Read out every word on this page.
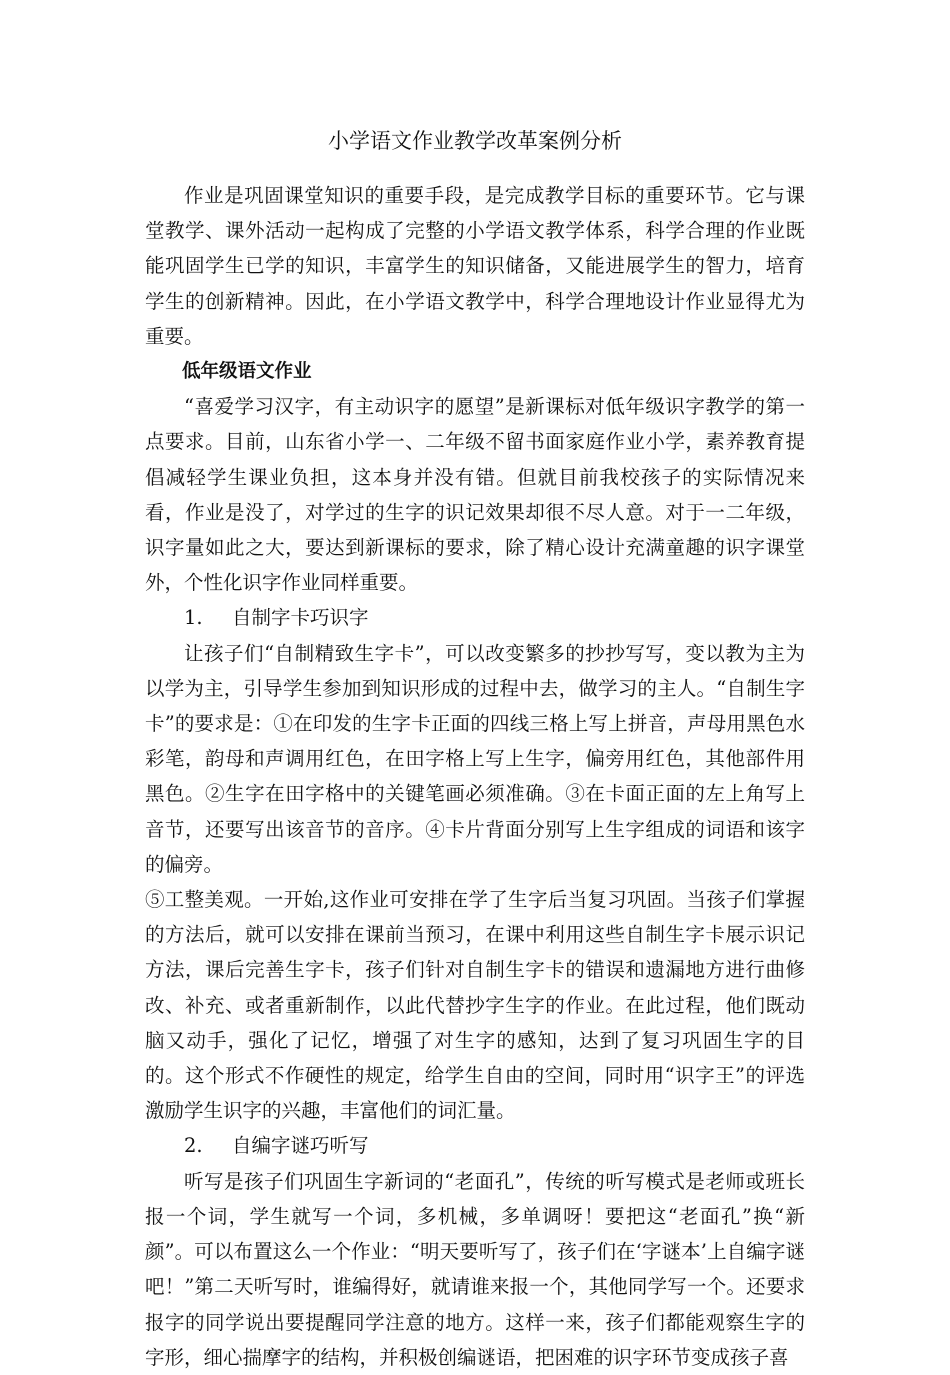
小学语文作业教学改革案例分析

作业是巩固课堂知识的重要手段，是完成教学目标的重要环节。它与课堂教学、课外活动一起构成了完整的小学语文教学体系，科学合理的作业既能巩固学生已学的知识，丰富学生的知识储备，又能进展学生的智力，培育学生的创新精神。因此，在小学语文教学中，科学合理地设计作业显得尤为重要。

低年级语文作业

“喜爱学习汉字，有主动识字的愿望”是新课标对低年级识字教学的第一点要求。目前，山东省小学一、二年级不留书面家庭作业小学，素养教育提倡减轻学生课业负担，这本身并没有错。但就目前我校孩子的实际情况来看，作业是没了，对学过的生字的识记效果却很不尽人意。对于一二年级，识字量如此之大，要达到新课标的要求，除了精心设计充满童趣的识字课堂外，个性化识字作业同样重要。

1. 自制字卡巧识字

让孩子们“自制精致生字卡”，可以改变繁多的抄抄写写，变以教为主为以学为主，引导学生参加到知识形成的过程中去，做学习的主人。“自制生字卡”的要求是：①在印发的生字卡正面的四线三格上写上拼音，声母用黑色水彩笔，韵母和声调用红色，在田字格上写上生字，偏旁用红色，其他部件用黑色。②生字在田字格中的关键笔画必须准确。③在卡面正面的左上角写上音节，还要写出该音节的音序。④卡片背面分别写上生字组成的词语和该字的偏旁。

⑤工整美观。一开始,这作业可安排在学了生字后当复习巩固。当孩子们掌握的方法后，就可以安排在课前当预习，在课中利用这些自制生字卡展示识记方法，课后完善生字卡，孩子们针对自制生字卡的错误和遗漏地方进行曲修改、补充、或者重新制作，以此代替抄字生字的作业。在此过程，他们既动脑又动手，强化了记忆，增强了对生字的感知，达到了复习巩固生字的目的。这个形式不作硬性的规定，给学生自由的空间，同时用“识字王”的评选激励学生识字的兴趣，丰富他们的词汇量。

2. 自编字谜巧听写

听写是孩子们巩固生字新词的“老面孔”，传统的听写模式是老师或班长报一个词，学生就写一个词，多机械，多单调呀！要把这“老面孔”换“新颜”。可以布置这么一个作业：“明天要听写了，孩子们在‘字谜本’上自编字谜吧！”第二天听写时，谁编得好，就请谁来报一个，其他同学写一个。还要求报字的同学说出要提醒同学注意的地方。这样一来，孩子们都能观察生字的字形，细心揣摩字的结构，并积极创编谜语，把困难的识字环节变成孩子喜
